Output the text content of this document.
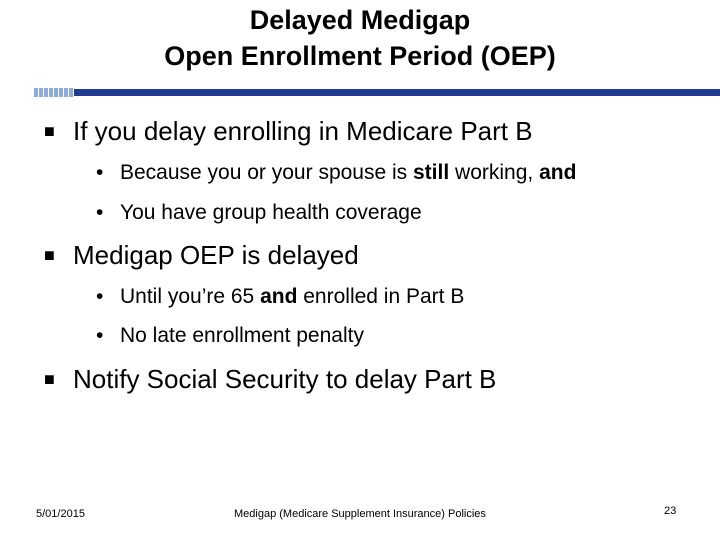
Delayed Medigap
Open Enrollment Period (OEP)
■ If you delay enrolling in Medicare Part B
• Because you or your spouse is still working, and
• You have group health coverage
■ Medigap OEP is delayed
• Until you’re 65 and enrolled in Part B
• No late enrollment penalty
■ Notify Social Security to delay Part B
5/01/2015	Medigap (Medicare Supplement Insurance) Policies	23
